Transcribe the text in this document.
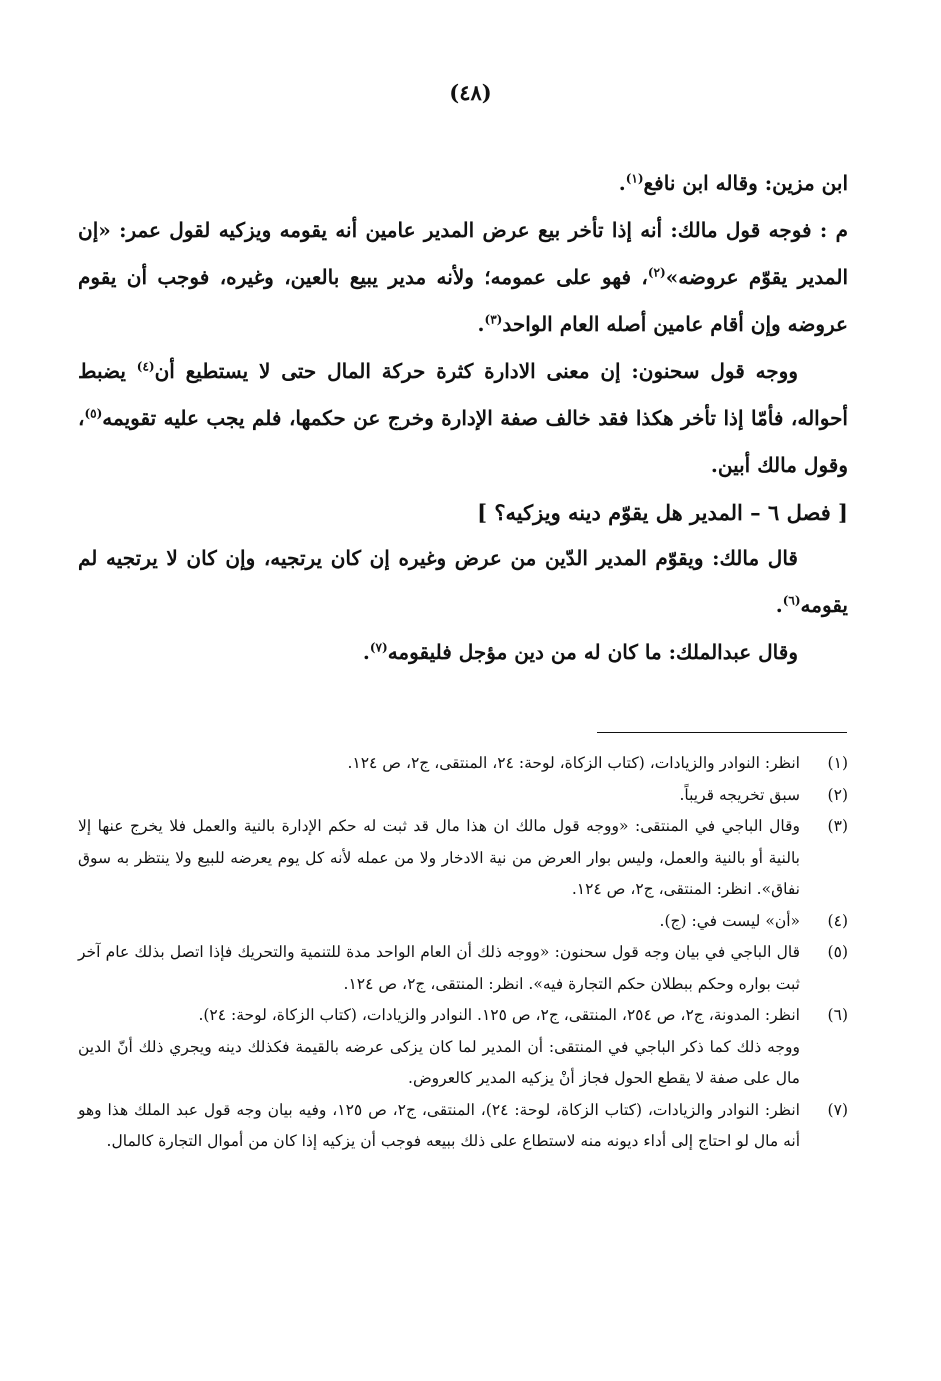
(٤٨)

ابن مزين: وقاله ابن نافع$^{(١)}$.

م : فوجه قول مالك: أنه إذا تأخر بيع عرض المدير عامين أنه يقومه ويزكيه لقول عمر: «إن المدير يقوّم عروضه»$^{(٢)}$، فهو على عمومه؛ ولأنه مدير يبيع بالعين، وغيره، فوجب أن يقوم عروضه وإن أقام عامين أصله العام الواحد$^{(٣)}$.

ووجه قول سحنون: إن معنى الادارة كثرة حركة المال حتى لا يستطيع أن$^{(٤)}$ يضبط أحواله، فأمّا إذا تأخر هكذا فقد خالف صفة الإدارة وخرج عن حكمها، فلم يجب عليه تقويمه$^{(٥)}$، وقول مالك أبين.

[ فصل ٦ – المدير هل يقوّم دينه ويزكيه؟ ]

قال مالك: ويقوّم المدير الدّين من عرض وغيره إن كان يرتجيه، وإن كان لا يرتجيه لم يقومه$^{(٦)}$.

وقال عبدالملك: ما كان له من دين مؤجل فليقومه$^{(٧)}$.

(١)
انظر: النوادر والزيادات، (كتاب الزكاة، لوحة: ٢٤، المنتقى، ج٢، ص ١٢٤.
(٢)
سبق تخريجه قريباً.
(٣)
وقال الباجي في المنتقى: «ووجه قول مالك ان هذا مال قد ثبت له حكم الإدارة بالنية والعمل فلا يخرج عنها إلا بالنية أو بالنية والعمل، وليس بوار العرض من نية الادخار ولا من عمله لأنه كل يوم يعرضه للبيع ولا ينتظر به سوق نفاق». انظر: المنتقى، ج٢، ص ١٢٤.
(٤)
«أن» ليست في: (ج).
(٥)
قال الباجي في بيان وجه قول سحنون: «ووجه ذلك أن العام الواحد مدة للتنمية والتحريك فإذا اتصل بذلك عام آخر ثبت بواره وحكم ببطلان حكم التجارة فيه». انظر: المنتقى، ج٢، ص ١٢٤.
(٦)
انظر: المدونة، ج٢، ص ٢٥٤، المنتقى، ج٢، ص ١٢٥. النوادر والزيادات، (كتاب الزكاة، لوحة: ٢٤).

ووجه ذلك كما ذكر الباجي في المنتقى: أن المدير لما كان يزكى عرضه بالقيمة فكذلك دينه ويجري ذلك أنّ الدين مال على صفة لا يقطع الحول فجاز أنْ يزكيه المدير كالعروض.

(٧)
انظر: النوادر والزيادات، (كتاب الزكاة، لوحة: ٢٤)، المنتقى، ج٢، ص ١٢٥، وفيه بيان وجه قول عبد الملك هذا وهو أنه مال لو احتاج إلى أداء ديونه منه لاستطاع على ذلك ببيعه فوجب أن يزكيه إذا كان من أموال التجارة كالمال.
